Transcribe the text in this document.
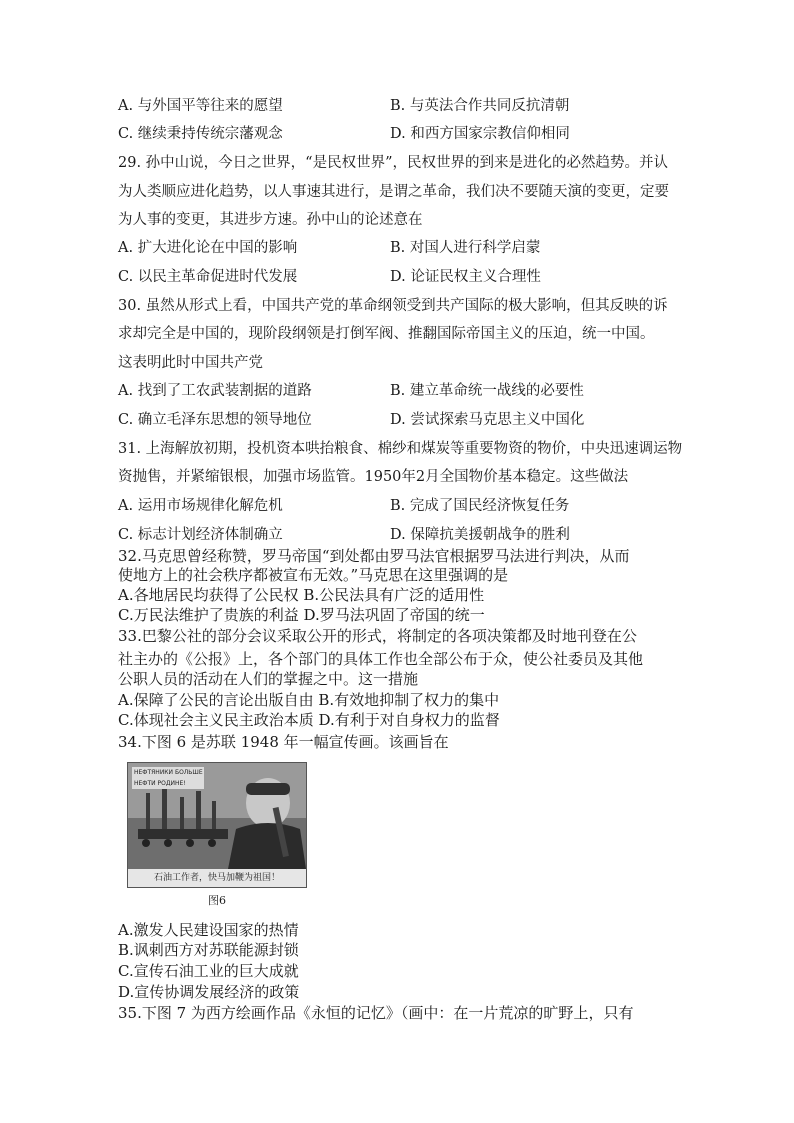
A. 与外国平等往来的愿望	B. 与英法合作共同反抗清朝
C. 继续秉持传统宗藩观念	D. 和西方国家宗教信仰相同
29. 孙中山说，今日之世界，“是民权世界”，民权世界的到来是进化的必然趋势。并认
为人类顺应进化趋势，以人事速其进行，是谓之革命，我们决不要随天演的变更，定要
为人事的变更，其进步方速。孙中山的论述意在
A. 扩大进化论在中国的影响	B. 对国人进行科学启蒙
C. 以民主革命促进时代发展	D. 论证民权主义合理性
30. 虽然从形式上看，中国共产党的革命纲领受到共产国际的极大影响，但其反映的诉
求却完全是中国的，现阶段纲领是打倒军阀、推翻国际帝国主义的压迫，统一中国。
这表明此时中国共产党
A. 找到了工农武装割据的道路	B. 建立革命统一战线的必要性
C. 确立毛泽东思想的领导地位	D. 尝试探索马克思主义中国化
31. 上海解放初期，投机资本哄抬粮食、棉纱和煤炭等重要物资的物价，中央迅速调运物
资抛售，并紧缩银根，加强市场监管。1950年2月全国物价基本稳定。这些做法
A. 运用市场规律化解危机	B. 完成了国民经济恢复任务
C. 标志计划经济体制确立	D. 保障抗美援朝战争的胜利
32.马克思曾经称赞，罗马帝国“到处都由罗马法官根据罗马法进行判决，从而
使地方上的社会秩序都被宣布无效。”马克思在这里强调的是
A.各地居民均获得了公民权 B.公民法具有广泛的适用性
C.万民法维护了贵族的利益 D.罗马法巩固了帝国的统一
33.巴黎公社的部分会议采取公开的形式，将制定的各项决策都及时地刊登在公
社主办的《公报》上，各个部门的具体工作也全部公布于众，使公社委员及其他
公职人员的活动在人们的掌握之中。这一措施
A.保障了公民的言论出版自由 B.有效地抑制了权力的集中
C.体现社会主义民主政治本质 D.有利于对自身权力的监督
34.下图 6 是苏联 1948 年一幅宣传画。该画旨在
НЕФТЯНИКИ БОЛЬШЕ НЕФТИ РОДИНЕ!
石油工作者，快马加鞭为祖国！
图6
A.激发人民建设国家的热情
B.讽刺西方对苏联能源封锁
C.宣传石油工业的巨大成就
D.宣传协调发展经济的政策
35.下图 7 为西方绘画作品《永恒的记忆》（画中：在一片荒凉的旷野上，只有
